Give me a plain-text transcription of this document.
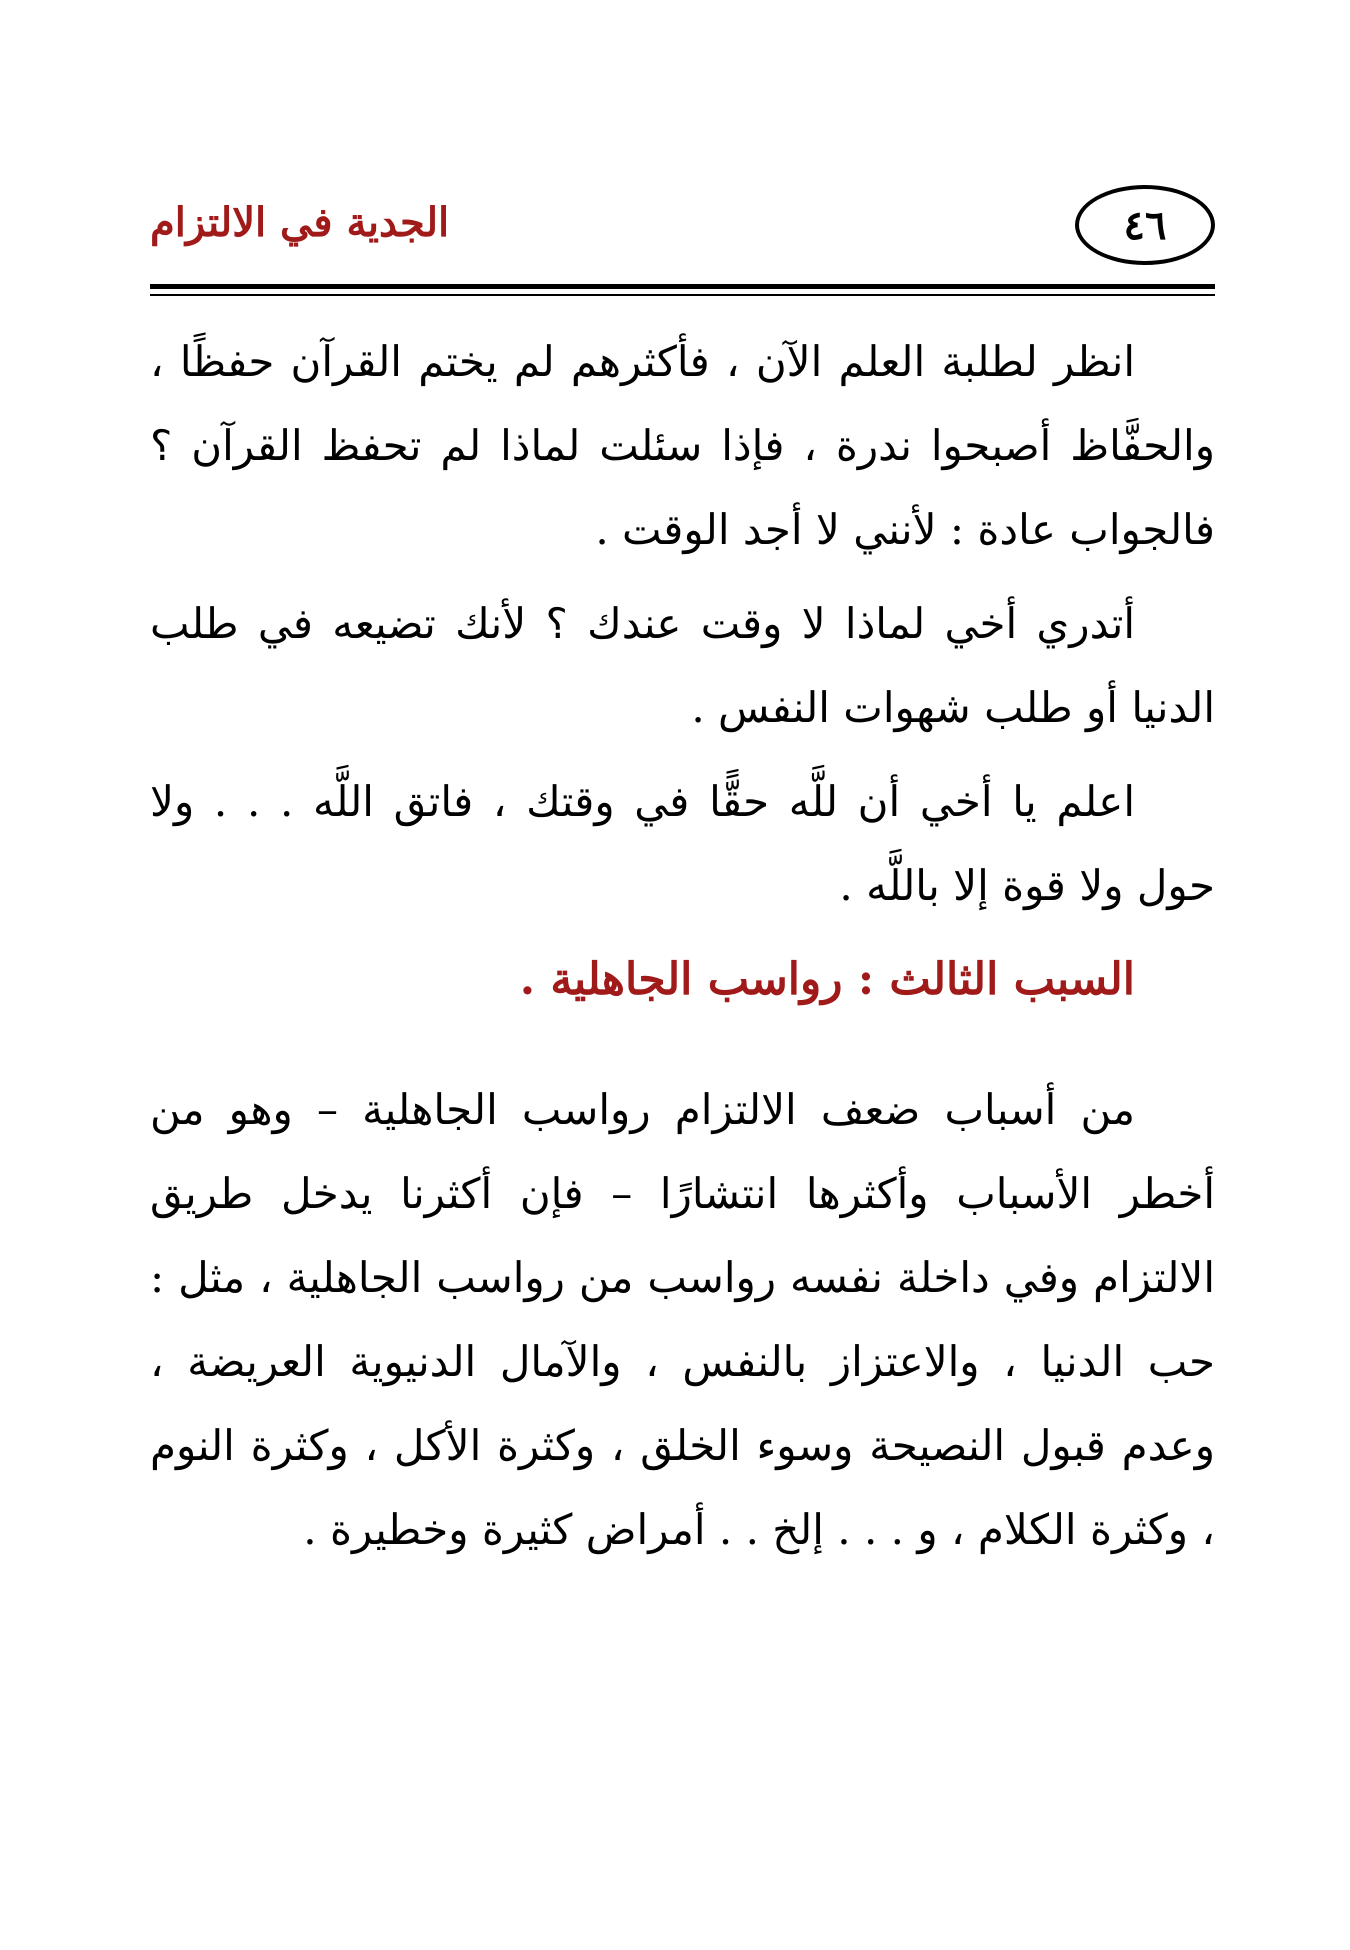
٤٦
الجدية في الالتزام

انظر لطلبة العلم الآن ، فأكثرهم لم يختم القرآن حفظًا ، والحفَّاظ أصبحوا ندرة ، فإذا سئلت لماذا لم تحفظ القرآن ؟ فالجواب عادة : لأنني لا أجد الوقت .

أتدري أخي لماذا لا وقت عندك ؟ لأنك تضيعه في طلب الدنيا أو طلب شهوات النفس .

اعلم يا أخي أن للَّه حقًّا في وقتك ، فاتق اللَّه . . . ولا حول ولا قوة إلا باللَّه .

السبب الثالث : رواسب الجاهلية .

من أسباب ضعف الالتزام رواسب الجاهلية – وهو من أخطر الأسباب وأكثرها انتشارًا – فإن أكثرنا يدخل طريق الالتزام وفي داخلة نفسه رواسب من رواسب الجاهلية ، مثل : حب الدنيا ، والاعتزاز بالنفس ، والآمال الدنيوية العريضة ، وعدم قبول النصيحة وسوء الخلق ، وكثرة الأكل ، وكثرة النوم ، وكثرة الكلام ، و . . . إلخ . . أمراض كثيرة وخطيرة .
